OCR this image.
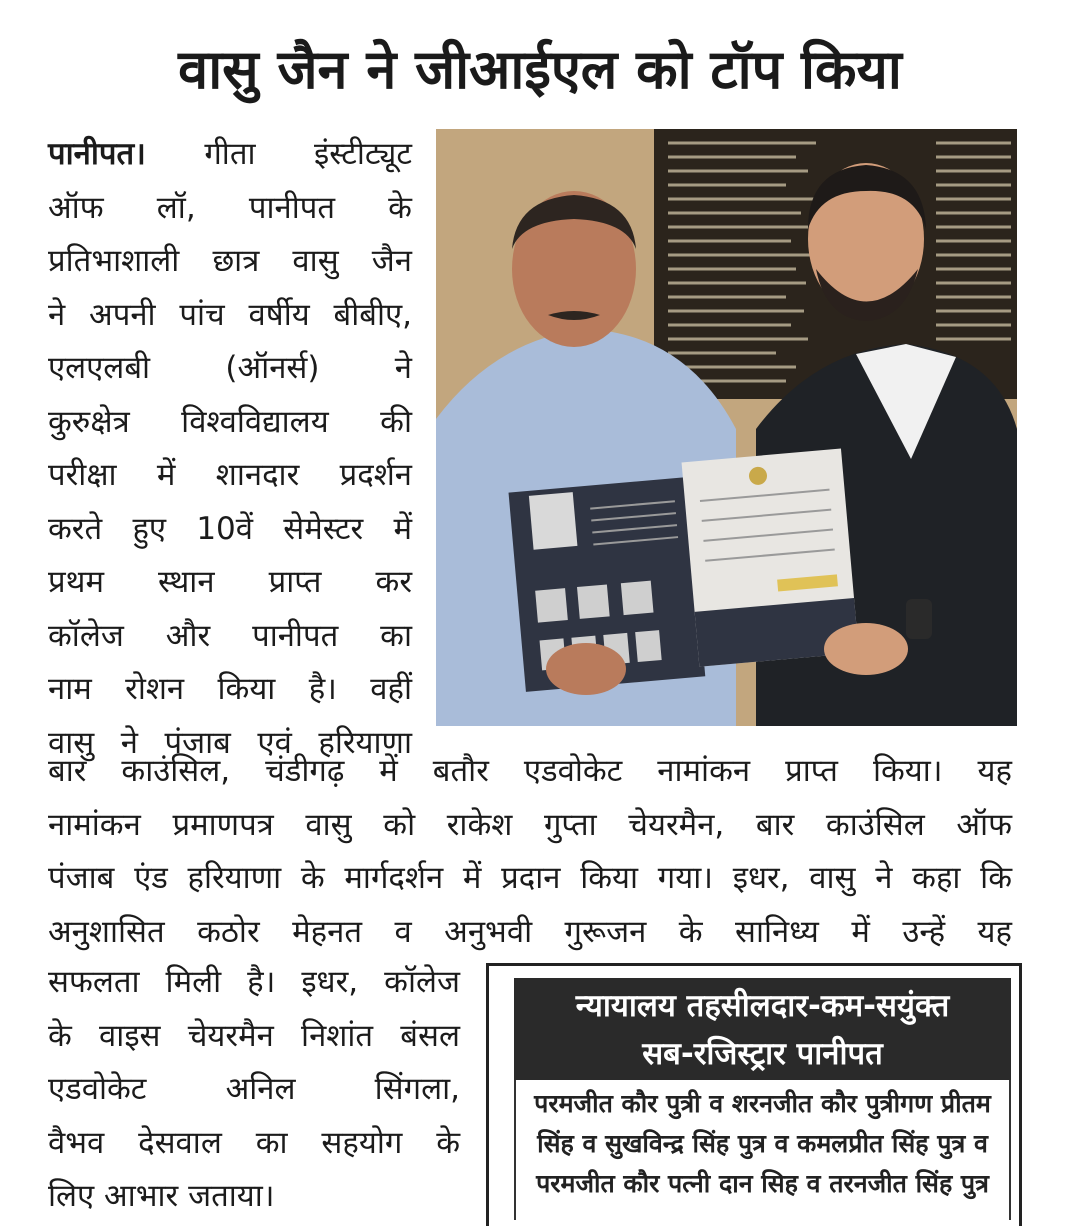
वासु जैन ने जीआईएल को टॉप किया
पानीपत। गीता इंस्टीट्यूट
ऑफ लॉ, पानीपत के
प्रतिभाशाली छात्र वासु जैन
ने अपनी पांच वर्षीय बीबीए,
एलएलबी (ऑनर्स) ने
कुरुक्षेत्र विश्वविद्यालय की
परीक्षा में शानदार प्रदर्शन
करते हुए 10वें सेमेस्टर में
प्रथम स्थान प्राप्त कर
कॉलेज और पानीपत का
नाम रोशन किया है। वहीं
वासु ने पंजाब एवं हरियाणा
बार काउंसिल, चंडीगढ़ में बतौर एडवोकेट नामांकन प्राप्त किया। यह
नामांकन प्रमाणपत्र वासु को राकेश गुप्ता चेयरमैन, बार काउंसिल ऑफ
पंजाब एंड हरियाणा के मार्गदर्शन में प्रदान किया गया। इधर, वासु ने कहा कि
अनुशासित कठोर मेहनत व अनुभवी गुरूजन के सानिध्य में उन्हें यह
सफलता मिली है। इधर, कॉलेज
के वाइस चेयरमैन निशांत बंसल
एडवोकेट अनिल सिंगला,
वैभव देसवाल का सहयोग के
लिए आभार जताया।
न्यायालय तहसीलदार-कम-सयुंक्त
सब-रजिस्ट्रार पानीपत
परमजीत कौर पुत्री व शरनजीत कौर पुत्रीगण प्रीतम
सिंह व सुखविन्द्र सिंह पुत्र व कमलप्रीत सिंह पुत्र व
परमजीत कौर पत्नी दान सिह व तरनजीत सिंह पुत्र
